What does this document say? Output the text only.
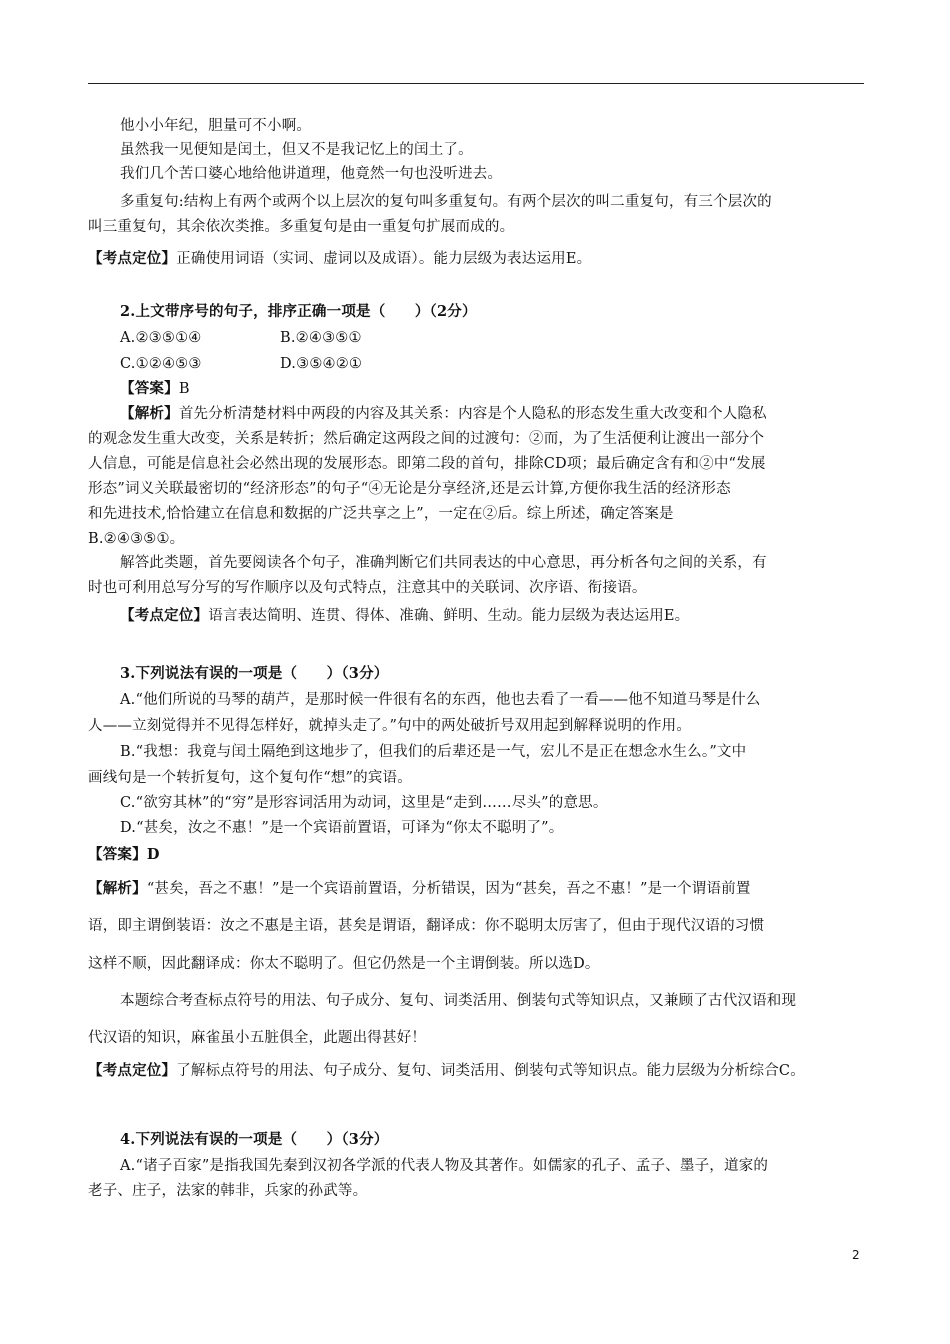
他小小年纪，胆量可不小啊。
虽然我一见便知是闰土，但又不是我记忆上的闰土了。
我们几个苦口婆心地给他讲道理，他竟然一句也没听进去。
多重复句:结构上有两个或两个以上层次的复句叫多重复句。有两个层次的叫二重复句，有三个层次的
叫三重复句，其余依次类推。多重复句是由一重复句扩展而成的。
【考点定位】正确使用词语（实词、虚词以及成语）。能力层级为表达运用E。
2.上文带序号的句子，排序正确一项是（　　）（2分）
A.②③⑤①④	B.②④③⑤①
C.①②④⑤③	D.③⑤④②①
【答案】B
【解析】首先分析清楚材料中两段的内容及其关系：内容是个人隐私的形态发生重大改变和个人隐私
的观念发生重大改变，关系是转折；然后确定这两段之间的过渡句：②而，为了生活便利让渡出一部分个
人信息，可能是信息社会必然出现的发展形态。即第二段的首句，排除CD项；最后确定含有和②中“发展
形态”词义关联最密切的“经济形态”的句子“④无论是分享经济,还是云计算,方便你我生活的经济形态
和先进技术,恰恰建立在信息和数据的广泛共享之上”，一定在②后。综上所述，确定答案是
B.②④③⑤①。
解答此类题，首先要阅读各个句子，准确判断它们共同表达的中心意思，再分析各句之间的关系，有
时也可利用总写分写的写作顺序以及句式特点，注意其中的关联词、次序语、衔接语。
【考点定位】语言表达简明、连贯、得体、准确、鲜明、生动。能力层级为表达运用E。
3.下列说法有误的一项是（　　）（3分）
A.“他们所说的马琴的葫芦，是那时候一件很有名的东西，他也去看了一看——他不知道马琴是什么
人——立刻觉得并不见得怎样好，就掉头走了。”句中的两处破折号双用起到解释说明的作用。
B.“我想：我竟与闰土隔绝到这地步了，但我们的后辈还是一气，宏儿不是正在想念水生么。”文中
画线句是一个转折复句，这个复句作“想”的宾语。
C.“欲穷其林”的“穷”是形容词活用为动词，这里是“走到……尽头”的意思。
D.“甚矣，汝之不惠！”是一个宾语前置语，可译为“你太不聪明了”。
【答案】D
【解析】“甚矣，吾之不惠！”是一个宾语前置语，分析错误，因为“甚矣，吾之不惠！”是一个谓语前置
语，即主谓倒装语：汝之不惠是主语，甚矣是谓语，翻译成：你不聪明太厉害了，但由于现代汉语的习惯
这样不顺，因此翻译成：你太不聪明了。但它仍然是一个主谓倒装。所以选D。
本题综合考查标点符号的用法、句子成分、复句、词类活用、倒装句式等知识点，又兼顾了古代汉语和现
代汉语的知识，麻雀虽小五脏俱全，此题出得甚好！
【考点定位】了解标点符号的用法、句子成分、复句、词类活用、倒装句式等知识点。能力层级为分析综合C。
4.下列说法有误的一项是（　　）（3分）
A.“诸子百家”是指我国先秦到汉初各学派的代表人物及其著作。如儒家的孔子、孟子、墨子，道家的
老子、庄子，法家的韩非，兵家的孙武等。
2
